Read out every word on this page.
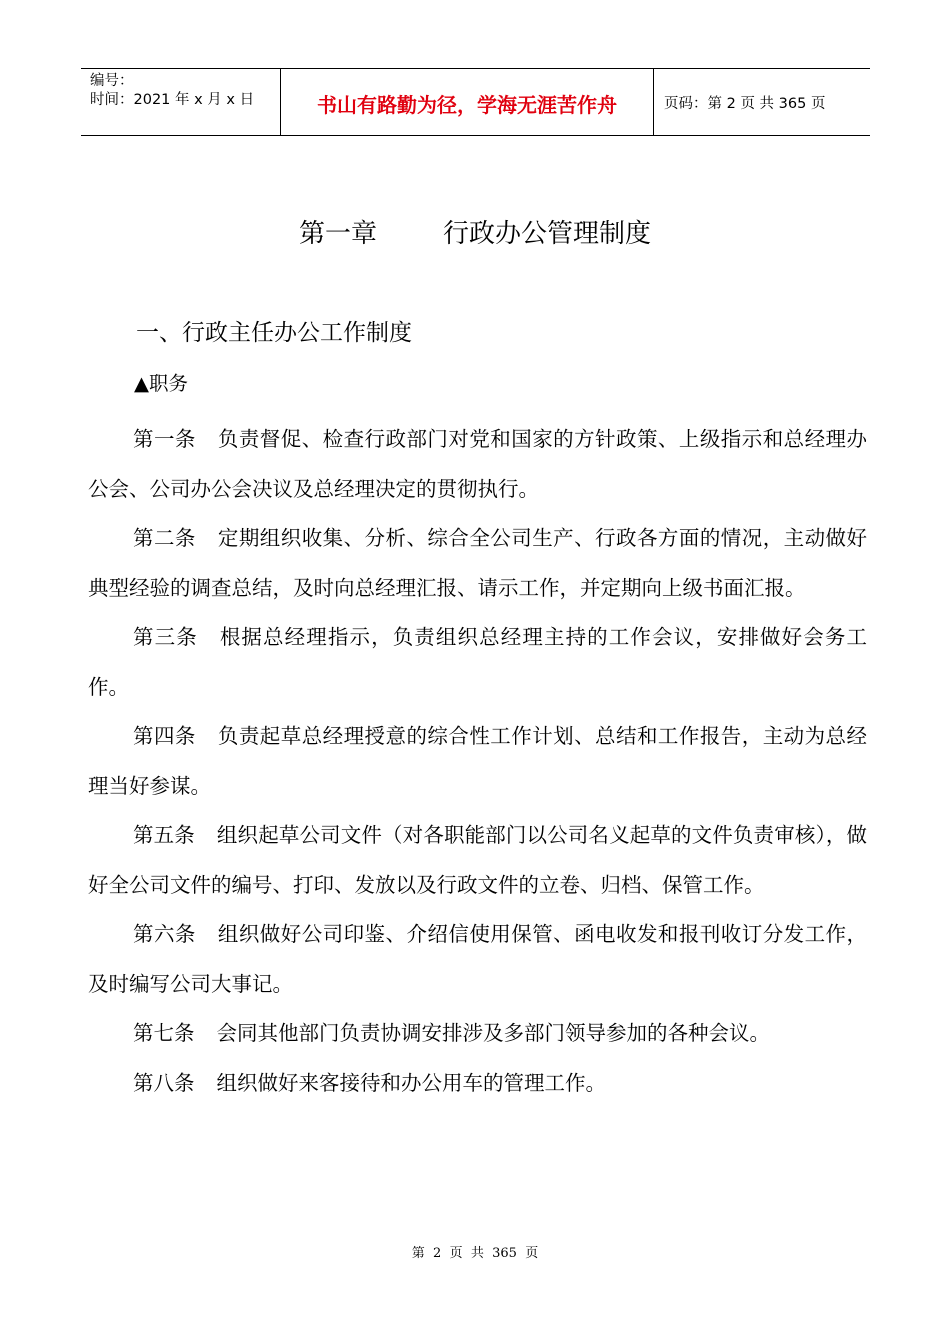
编号：
时间：2021 年 x 月 x 日	书山有路勤为径，学海无涯苦作舟	页码：第 2 页 共 365 页
第一章        行政办公管理制度
一、行政主任办公工作制度
▲职务

第一条 负责督促、检查行政部门对党和国家的方针政策、上级指示和总经理办公会、公司办公会决议及总经理决定的贯彻执行。

第二条 定期组织收集、分析、综合全公司生产、行政各方面的情况，主动做好典型经验的调查总结，及时向总经理汇报、请示工作，并定期向上级书面汇报。

第三条 根据总经理指示，负责组织总经理主持的工作会议，安排做好会务工作。

第四条 负责起草总经理授意的综合性工作计划、总结和工作报告，主动为总经理当好参谋。

第五条 组织起草公司文件（对各职能部门以公司名义起草的文件负责审核），做好全公司文件的编号、打印、发放以及行政文件的立卷、归档、保管工作。

第六条 组织做好公司印鉴、介绍信使用保管、函电收发和报刊收订分发工作，及时编写公司大事记。

第七条 会同其他部门负责协调安排涉及多部门领导参加的各种会议。

第八条 组织做好来客接待和办公用车的管理工作。

第  2  页  共  365  页
